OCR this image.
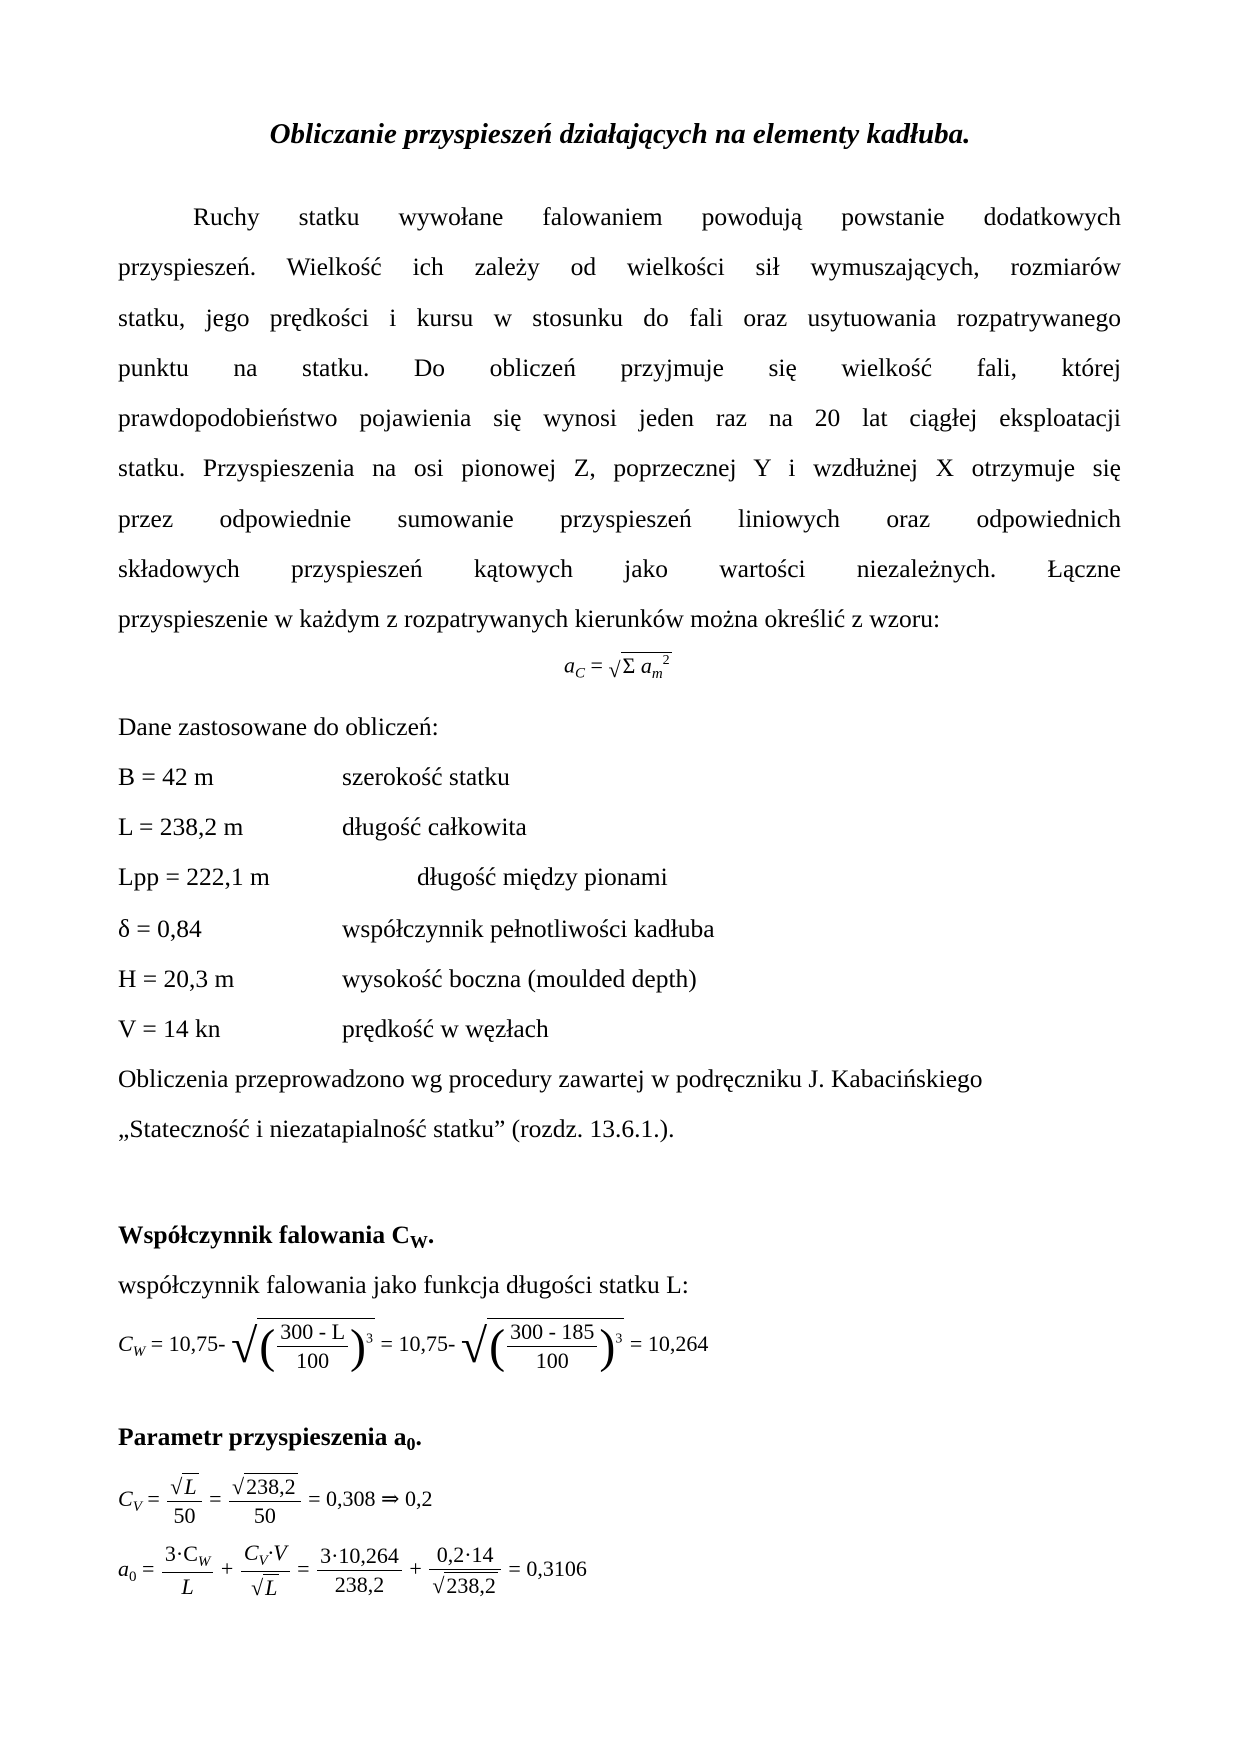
Obliczanie przyspieszeń działających na elementy kadłuba.
Ruchy statku wywołane falowaniem powodują powstanie dodatkowych
przyspieszeń. Wielkość ich zależy od wielkości sił wymuszających, rozmiarów
statku, jego prędkości i kursu w stosunku do fali oraz usytuowania rozpatrywanego
punktu na statku. Do obliczeń przyjmuje się wielkość fali, której
prawdopodobieństwo pojawienia się wynosi jeden raz na 20 lat ciągłej eksploatacji
statku. Przyspieszenia na osi pionowej Z, poprzecznej Y i wzdłużnej X otrzymuje się
przez odpowiednie sumowanie przyspieszeń liniowych oraz odpowiednich
składowych przyspieszeń kątowych jako wartości niezależnych. Łączne
przyspieszenie w każdym z rozpatrywanych kierunków można określić z wzoru:
$a_C = √\Sigma$ $a_m^2$
Dane zastosowane do obliczeń:
B = 42 m	szerokość statku
L = 238,2 m	długość całkowita
Lpp = 222,1 m	długość między pionami
δ = 0,84	współczynnik pełnotliwości kadłuba
H = 20,3 m	wysokość boczna (moulded depth)
V = 14 kn	prędkość w węzłach
Obliczenia przeprowadzono wg procedury zawartej w podręczniku J. Kabacińskiego
„Stateczność i niezatapialność statku” (rozdz. 13.6.1.).
Współczynnik falowania $C_W$.
współczynnik falowania jako funkcja długości statku L:
$C_W = 10,75-$ √( $\frac{300 - L}{100} )^3 = 10,75-$ √( $\frac{300 - 185}{100} )^3 = 10,264$
Parametr przyspieszenia $a_0$.
$C_V = \frac{√L}{50} = \frac{√238,2}{50} = 0,308$ ⇒ 0,2
$a_0 = \frac{3\cdot C_W}{L} + \frac{C_V\cdot V}{√L} = \frac{3\cdot 10,264}{238,2} + \frac{0,2\cdot 14}{√238,2} = 0,3106$
